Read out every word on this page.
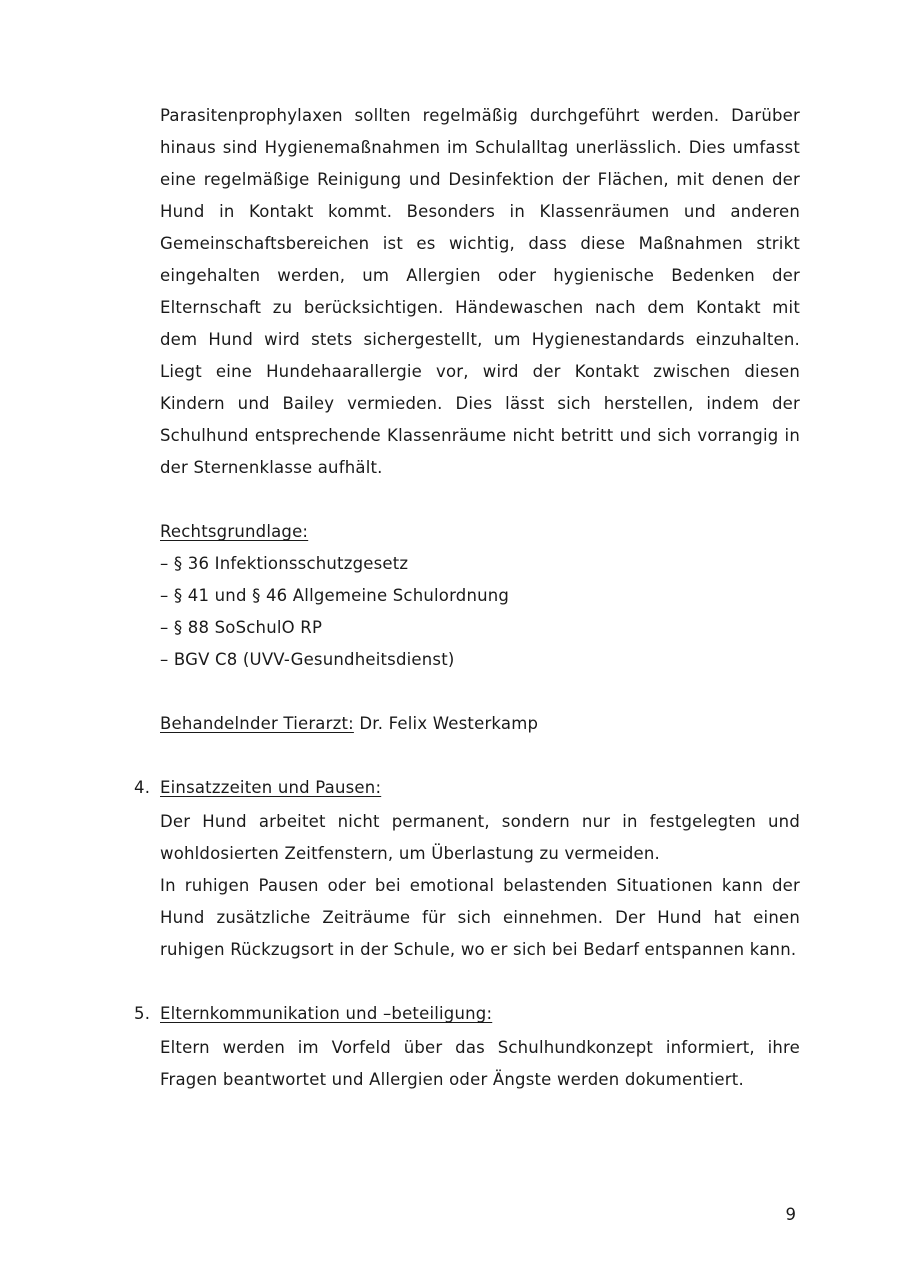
Parasitenprophylaxen sollten regelmäßig durchgeführt werden. Darüber hinaus sind Hygienemaßnahmen im Schulalltag unerlässlich. Dies umfasst eine regelmäßige Reinigung und Desinfektion der Flächen, mit denen der Hund in Kontakt kommt. Besonders in Klassenräumen und anderen Gemeinschaftsbereichen ist es wichtig, dass diese Maßnahmen strikt eingehalten werden, um Allergien oder hygienische Bedenken der Elternschaft zu berücksichtigen. Händewaschen nach dem Kontakt mit dem Hund wird stets sichergestellt, um Hygienestandards einzuhalten. Liegt eine Hundehaarallergie vor, wird der Kontakt zwischen diesen Kindern und Bailey vermieden. Dies lässt sich herstellen, indem der Schulhund entsprechende Klassenräume nicht betritt und sich vorrangig in der Sternenklasse aufhält.

Rechtsgrundlage:

– § 36 Infektionsschutzgesetz
– § 41 und § 46 Allgemeine Schulordnung
– § 88 SoSchulO RP
– BGV C8 (UVV-Gesundheitsdienst)

Behandelnder Tierarzt: Dr. Felix Westerkamp

4. Einsatzzeiten und Pausen:

Der Hund arbeitet nicht permanent, sondern nur in festgelegten und wohldosierten Zeitfenstern, um Überlastung zu vermeiden.

In ruhigen Pausen oder bei emotional belastenden Situationen kann der Hund zusätzliche Zeiträume für sich einnehmen. Der Hund hat einen ruhigen Rückzugsort in der Schule, wo er sich bei Bedarf entspannen kann.

5. Elternkommunikation und –beteiligung:

Eltern werden im Vorfeld über das Schulhundkonzept informiert, ihre Fragen beantwortet und Allergien oder Ängste werden dokumentiert.

9
